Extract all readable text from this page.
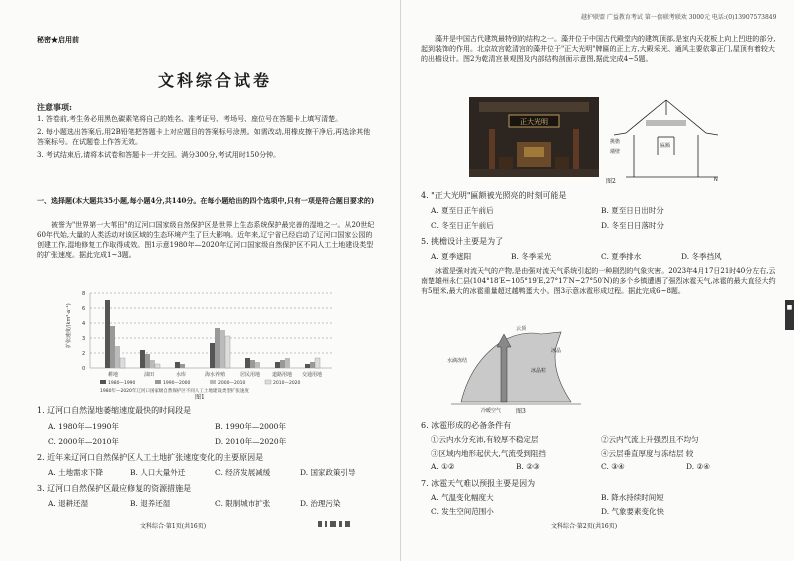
秘密★启用前
文科综合试卷
注意事项:
1. 答卷前,考生务必用黑色碳素笔将自己的姓名、准考证号、考场号、座位号在答题卡上填写清楚。
2. 每小题选出答案后,用2B铅笔把答题卡上对应题目的答案标号涂黑。如需改动,用橡皮擦干净后,再选涂其他答案标号。在试题卷上作答无效。
3. 考试结束后,请将本试卷和答题卡一并交回。满分300分,考试用时150分钟。
一、选择题(本大题共35小题,每小题4分,共140分。在每小题给出的四个选项中,只有一项是符合题目要求的)
被誉为"世界第一大苇田"的辽河口国家级自然保护区是世界上生态系统保护最完善的湿地之一。从20世纪60年代始,大量的人类活动对该区域的生态环境产生了巨大影响。近年来,辽宁省已经启动了辽河口国家公园的创建工作,湿地修复工作取得成效。图1示意1980年—2020年辽河口国家级自然保护区不同人工土地建设类型的扩张速度。据此完成1~3题。
8
6
4
3
2
0
扩张速度/(km²·a⁻¹)
耕地	油田	水库	海水养殖	居民用地 道路用地 交通用地
1980—1990	1990—2000	2000—2010	2010—2020
1980年—2020年辽河口国家级自然保护区不同人工土地建设类型扩张速度
图1
1. 辽河口自然湿地萎缩速度最快的时间段是
A. 1980年—1990年	B. 1990年—2000年
C. 2000年—2010年	D. 2010年—2020年
2. 近年来辽河口自然保护区人工土地扩张速度变化的主要原因是
A. 土地需求下降	B. 人口大量外迁	C. 经济发展减缓	D. 国家政策引导
3. 辽河口自然保护区最应修复的资源措施是
A. 退耕还湿	B. 退养还湿	C. 限制城市扩张	D. 治理污染
文科综合·第1页(共16页)
越护联盟 广益教育考试 第一套联考联欢 3000元 电话:(0)13907573849
藻井是中国古代建筑最特别的结构之一。藻井位于中国古代殿堂内的建筑顶部,是室内天花板上向上凹进的部分,起到装饰的作用。北京故宫乾清宫的藻井位于"正大光明"牌匾的正上方,大殿采光、通风主要依靠正门,屋顶有着较大的出檐设计。图2为乾清宫景观图及内部结构剖面示意图,据此完成4~5题。
正大光明
挑檐
匾额
墙壁
N
图2
4. "正大光明"匾额被光照亮的时刻可能是
A. 夏至日正午前后	B. 夏至日日出时分
C. 冬至日正午前后	D. 冬至日日落时分
5. 挑檐设计主要是为了
A. 夏季遮阳	B. 冬季采光	C. 夏季排水	D. 冬季挡风
冰雹是强对流天气的产物,是由强对流天气系统引起的一种剧烈的气象灾害。2023年4月17日21时40分左右,云南楚雄州永仁县(104°18′E~105°19′E,27°17′N~27°50′N)的多个乡镇遭遇了强烈冰雹天气,冰雹的最大直径大约有5厘米,最大的冰雹重量超过越鸭蛋大小。图3示意冰雹形成过程。据此完成6~8题。
云顶
冰晶
冰晶粒
水滴冻结
冷暖空气 图3
6. 冰雹形成的必备条件有
①云内水分充沛,有较厚不稳定层	②云内气流上升强烈且不均匀
③区域内地形起伏大,气流受到阻挡	④云层垂直厚度与冻结层 较
A. ①②	B. ②③	C. ③④	D. ②④
7. 冰雹天气难以预报主要是因为
A. 气温变化幅度大	B. 降水持续时间短
C. 发生空间范围小	D. 气象要素变化快
文科综合·第2页(共16页)
■
